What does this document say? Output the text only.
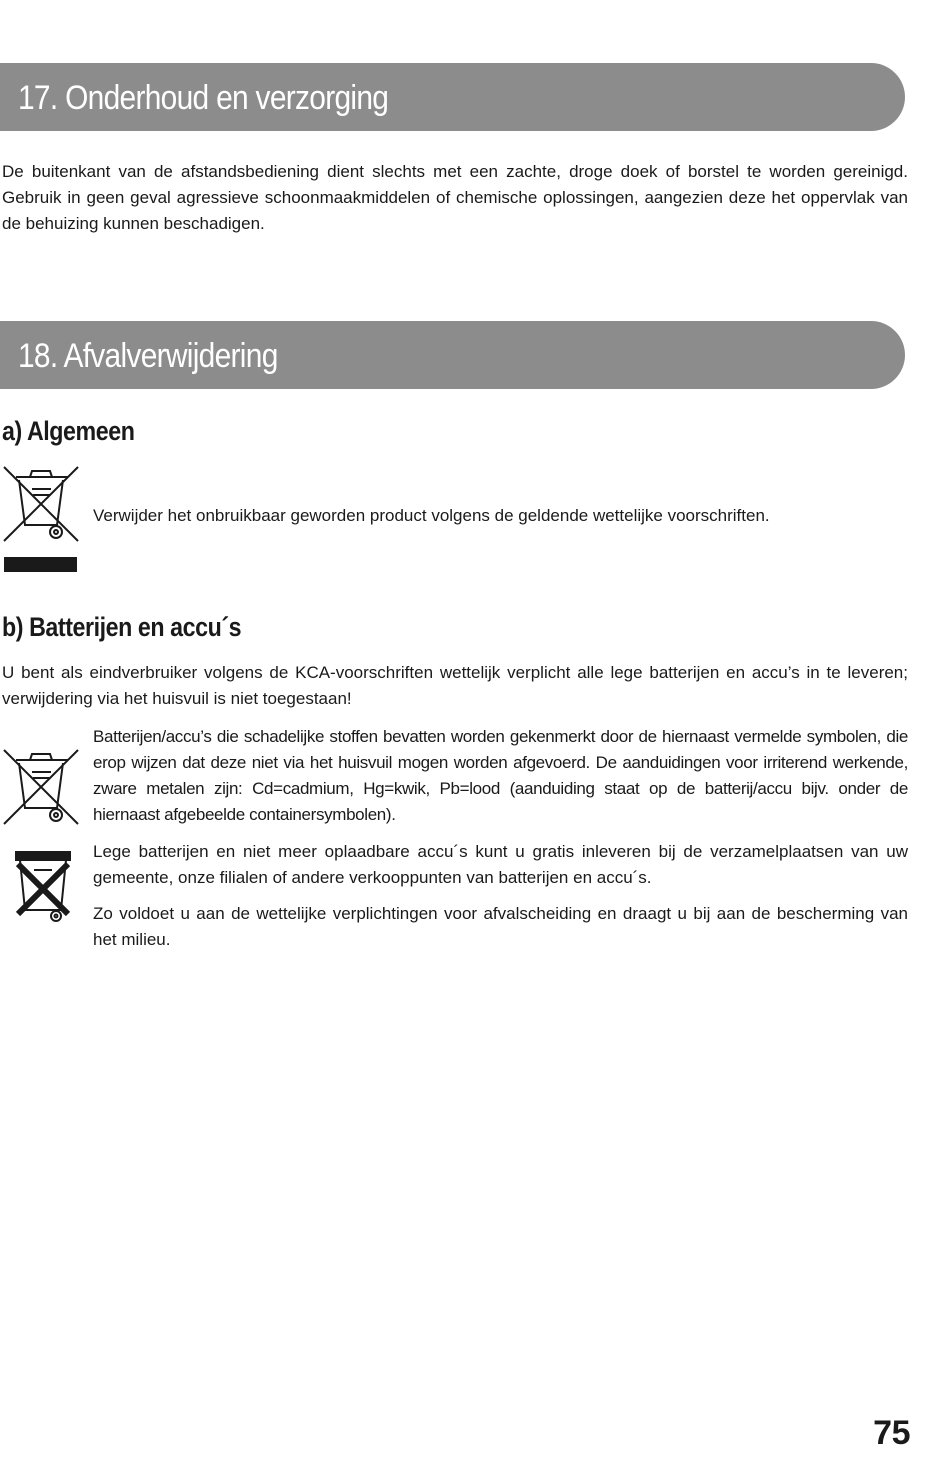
17. Onderhoud en verzorging

De buitenkant van de afstandsbediening dient slechts met een zachte, droge doek of borstel te worden gereinigd. Gebruik in geen geval agressieve schoonmaakmiddelen of chemische oplossingen, aangezien deze het oppervlak van de behuizing kunnen beschadigen.

18. Afvalverwijdering
a) Algemeen

Verwijder het onbruikbaar geworden product volgens de geldende wettelijke voorschriften.

b) Batterijen en accu´s

U bent als eindverbruiker volgens de KCA-voorschriften wettelijk verplicht alle lege batterijen en accu’s in te leveren; verwijdering via het huisvuil is niet toegestaan!

Batterijen/accu’s die schadelijke stoffen bevatten worden gekenmerkt door de hiernaast vermelde symbolen, die erop wijzen dat deze niet via het huisvuil mogen worden afgevoerd. De aanduidingen voor irriterend werkende, zware metalen zijn: Cd=cadmium, Hg=kwik, Pb=lood (aanduiding staat op de batterij/accu bijv. onder de hiernaast afgebeelde containersymbolen).

Lege batterijen en niet meer oplaadbare accu´s kunt u gratis inleveren bij de verzamelplaatsen van uw gemeente, onze filialen of andere verkooppunten van batterijen en accu´s.

Zo voldoet u aan de wettelijke verplichtingen voor afvalscheiding en draagt u bij aan de bescherming van het milieu.

75
